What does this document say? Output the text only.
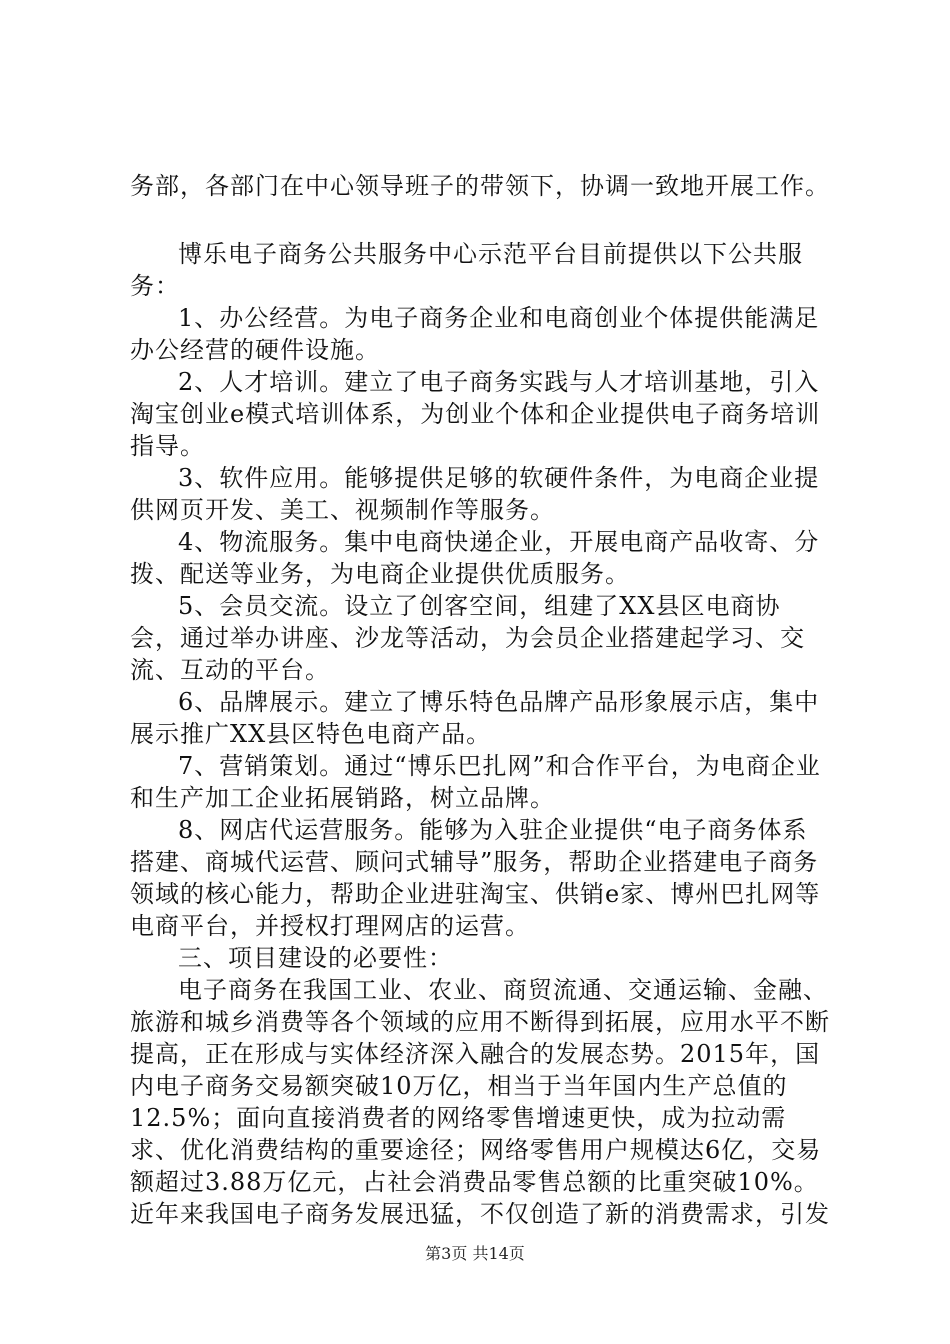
务部，各部门在中心领导班子的带领下，协调一致地开展工作。

博乐电子商务公共服务中心示范平台目前提供以下公共服务：

1、办公经营。为电子商务企业和电商创业个体提供能满足办公经营的硬件设施。

2、人才培训。建立了电子商务实践与人才培训基地，引入淘宝创业e模式培训体系，为创业个体和企业提供电子商务培训指导。

3、软件应用。能够提供足够的软硬件条件，为电商企业提供网页开发、美工、视频制作等服务。

4、物流服务。集中电商快递企业，开展电商产品收寄、分拨、配送等业务，为电商企业提供优质服务。

5、会员交流。设立了创客空间，组建了XX县区电商协会，通过举办讲座、沙龙等活动，为会员企业搭建起学习、交流、互动的平台。

6、品牌展示。建立了博乐特色品牌产品形象展示店，集中展示推广XX县区特色电商产品。

7、营销策划。通过“博乐巴扎网”和合作平台，为电商企业和生产加工企业拓展销路，树立品牌。

8、网店代运营服务。能够为入驻企业提供“电子商务体系搭建、商城代运营、顾问式辅导”服务，帮助企业搭建电子商务领域的核心能力，帮助企业进驻淘宝、供销e家、博州巴扎网等电商平台，并授权打理网店的运营。

三、项目建设的必要性：

电子商务在我国工业、农业、商贸流通、交通运输、金融、旅游和城乡消费等各个领域的应用不断得到拓展，应用水平不断提高，正在形成与实体经济深入融合的发展态势。2015年，国内电子商务交易额突破10万亿，相当于当年国内生产总值的12.5%；面向直接消费者的网络零售增速更快，成为拉动需求、优化消费结构的重要途径；网络零售用户规模达6亿，交易额超过3.88万亿元，占社会消费品零售总额的比重突破10%。近年来我国电子商务发展迅猛，不仅创造了新的消费需求，引发

第3页 共14页
